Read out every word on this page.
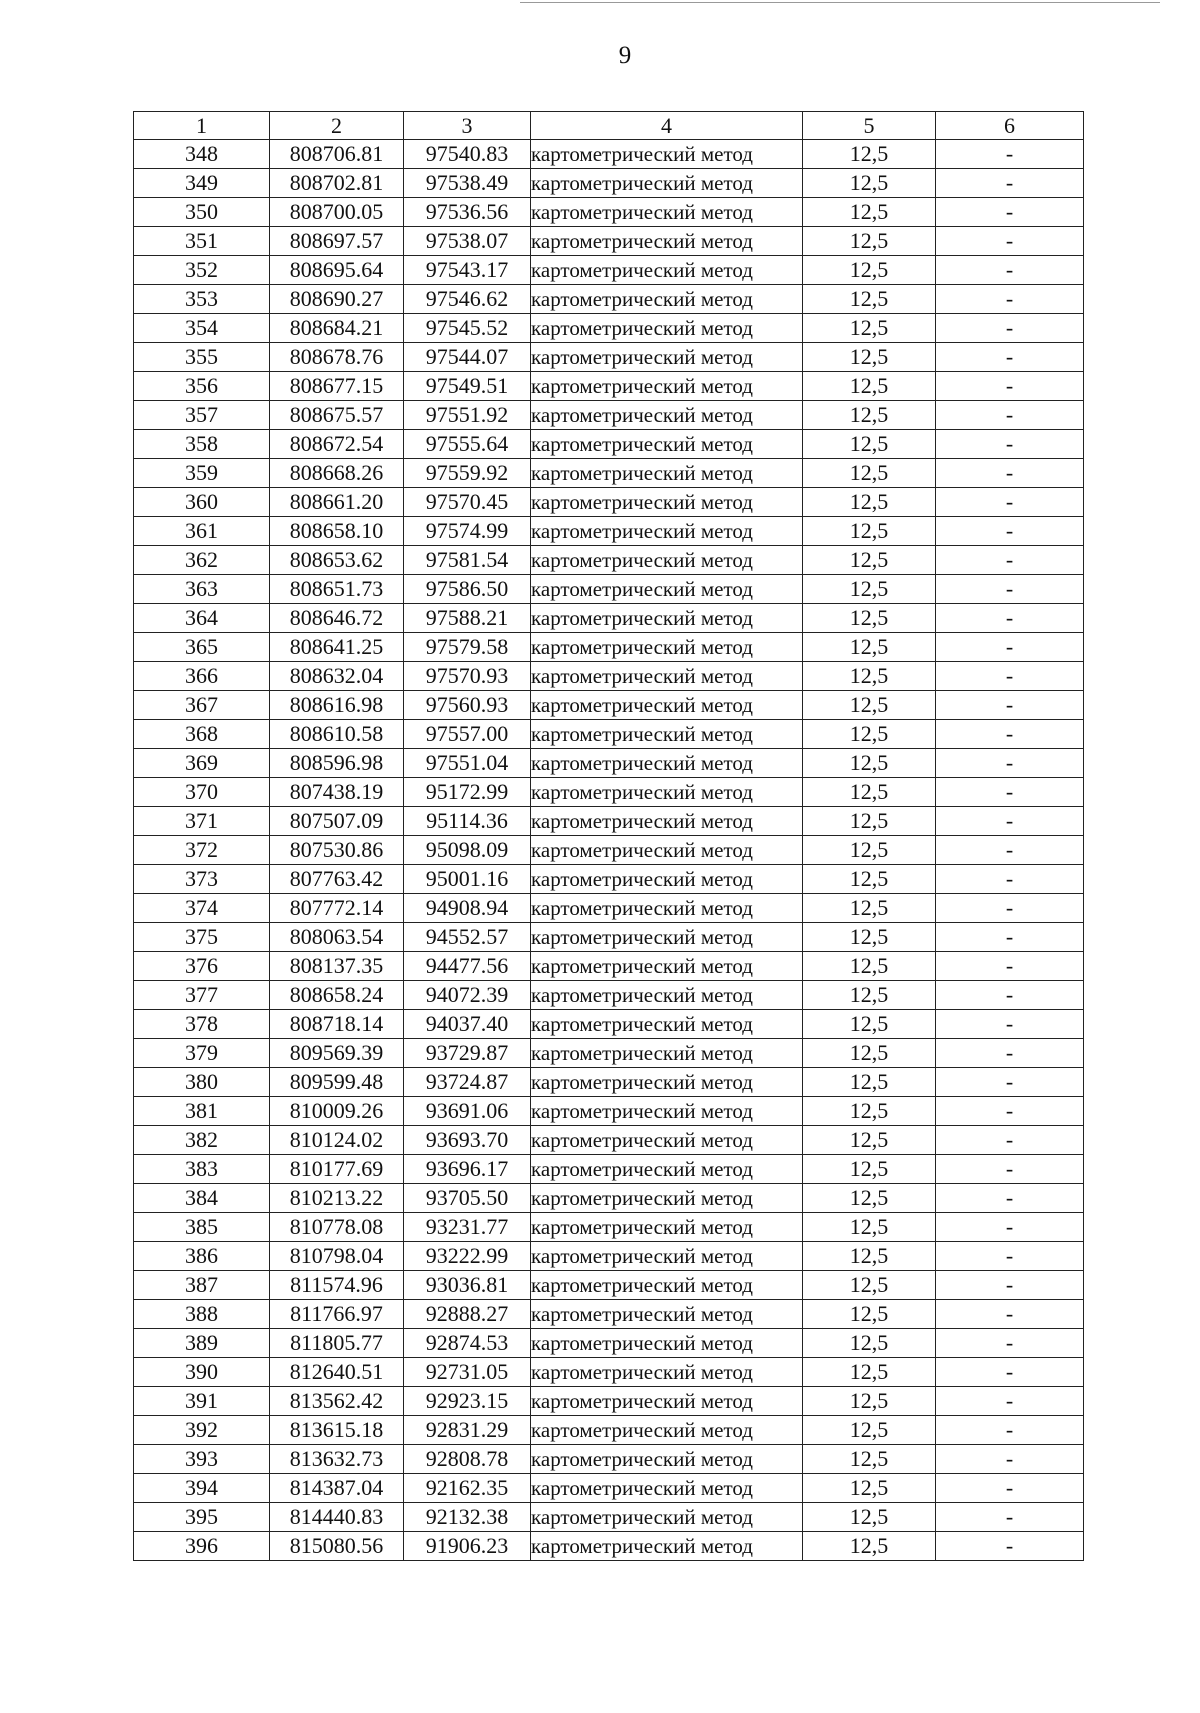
9
1	2	3	4	5	6
348	808706.81	97540.83	картометрический метод	12,5	-
349	808702.81	97538.49	картометрический метод	12,5	-
350	808700.05	97536.56	картометрический метод	12,5	-
351	808697.57	97538.07	картометрический метод	12,5	-
352	808695.64	97543.17	картометрический метод	12,5	-
353	808690.27	97546.62	картометрический метод	12,5	-
354	808684.21	97545.52	картометрический метод	12,5	-
355	808678.76	97544.07	картометрический метод	12,5	-
356	808677.15	97549.51	картометрический метод	12,5	-
357	808675.57	97551.92	картометрический метод	12,5	-
358	808672.54	97555.64	картометрический метод	12,5	-
359	808668.26	97559.92	картометрический метод	12,5	-
360	808661.20	97570.45	картометрический метод	12,5	-
361	808658.10	97574.99	картометрический метод	12,5	-
362	808653.62	97581.54	картометрический метод	12,5	-
363	808651.73	97586.50	картометрический метод	12,5	-
364	808646.72	97588.21	картометрический метод	12,5	-
365	808641.25	97579.58	картометрический метод	12,5	-
366	808632.04	97570.93	картометрический метод	12,5	-
367	808616.98	97560.93	картометрический метод	12,5	-
368	808610.58	97557.00	картометрический метод	12,5	-
369	808596.98	97551.04	картометрический метод	12,5	-
370	807438.19	95172.99	картометрический метод	12,5	-
371	807507.09	95114.36	картометрический метод	12,5	-
372	807530.86	95098.09	картометрический метод	12,5	-
373	807763.42	95001.16	картометрический метод	12,5	-
374	807772.14	94908.94	картометрический метод	12,5	-
375	808063.54	94552.57	картометрический метод	12,5	-
376	808137.35	94477.56	картометрический метод	12,5	-
377	808658.24	94072.39	картометрический метод	12,5	-
378	808718.14	94037.40	картометрический метод	12,5	-
379	809569.39	93729.87	картометрический метод	12,5	-
380	809599.48	93724.87	картометрический метод	12,5	-
381	810009.26	93691.06	картометрический метод	12,5	-
382	810124.02	93693.70	картометрический метод	12,5	-
383	810177.69	93696.17	картометрический метод	12,5	-
384	810213.22	93705.50	картометрический метод	12,5	-
385	810778.08	93231.77	картометрический метод	12,5	-
386	810798.04	93222.99	картометрический метод	12,5	-
387	811574.96	93036.81	картометрический метод	12,5	-
388	811766.97	92888.27	картометрический метод	12,5	-
389	811805.77	92874.53	картометрический метод	12,5	-
390	812640.51	92731.05	картометрический метод	12,5	-
391	813562.42	92923.15	картометрический метод	12,5	-
392	813615.18	92831.29	картометрический метод	12,5	-
393	813632.73	92808.78	картометрический метод	12,5	-
394	814387.04	92162.35	картометрический метод	12,5	-
395	814440.83	92132.38	картометрический метод	12,5	-
396	815080.56	91906.23	картометрический метод	12,5	-
